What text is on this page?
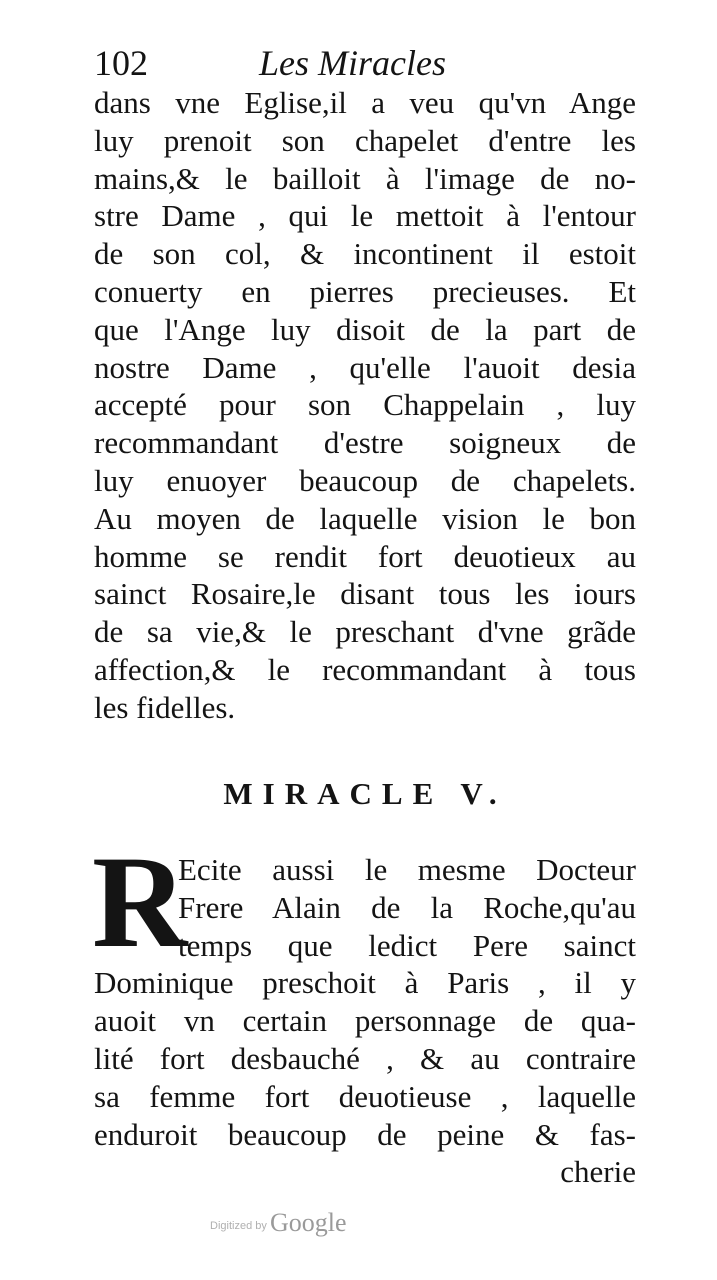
102	Les Miracles
dans vne Eglise,il a veu qu'vn Ange
luy prenoit son chapelet d'entre les
mains,& le bailloit à l'image de no-
stre Dame , qui le mettoit à l'entour
de son col, & incontinent il estoit
conuerty en pierres precieuses. Et
que l'Ange luy disoit de la part de
nostre Dame , qu'elle l'auoit desia
accepté pour son Chappelain , luy
recommandant d'estre soigneux de
luy enuoyer beaucoup de chapelets.
Au moyen de laquelle vision le bon
homme se rendit fort deuotieux au
sainct Rosaire,le disant tous les iours
de sa vie,& le preschant d'vne grãde
affection,& le recommandant à tous
les fidelles.
MIRACLE V.
R
Ecite aussi le mesme Docteur
Frere Alain de la Roche,qu'au
temps que ledict Pere sainct
Dominique preschoit à Paris , il y
auoit vn certain personnage de qua-
lité fort desbauché , & au contraire
sa femme fort deuotieuse , laquelle
enduroit beaucoup de peine & fas-
cherie
Digitized by Google
